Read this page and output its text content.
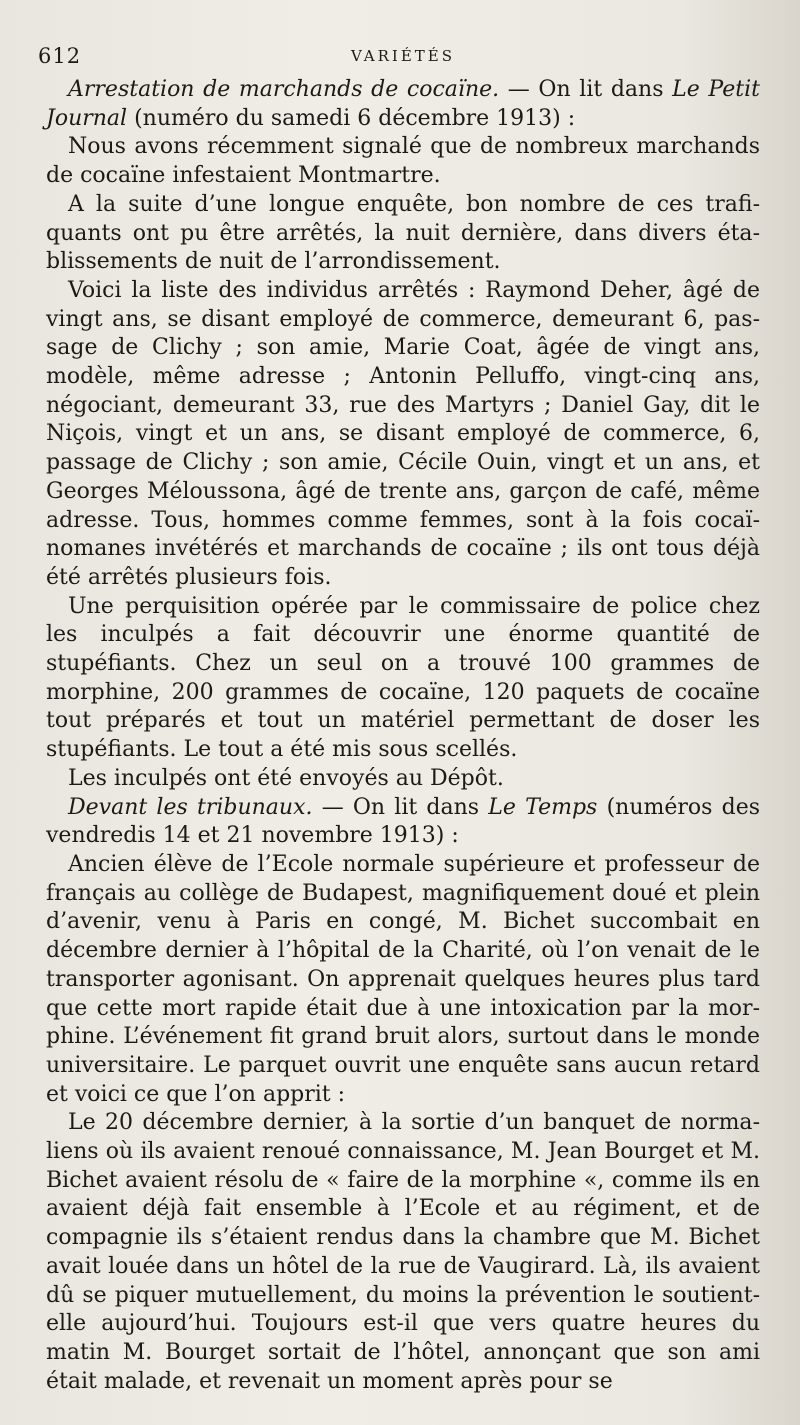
612	VARIÉTÉS

Arrestation de marchands de cocaïne. — On lit dans Le Petit Journal (numéro du samedi 6 décembre 1913) :

Nous avons récemment signalé que de nombreux marchands de cocaïne infestaient Montmartre.

A la suite d’une longue enquête, bon nombre de ces trafiquants ont pu être arrêtés, la nuit dernière, dans divers établissements de nuit de l’arrondissement.

Voici la liste des individus arrêtés : Raymond Deher, âgé de vingt ans, se disant employé de commerce, demeurant 6, passage de Clichy ; son amie, Marie Coat, âgée de vingt ans, modèle, même adresse ; Antonin Pelluffo, vingt-cinq ans, négociant, demeurant 33, rue des Martyrs ; Daniel Gay, dit le Niçois, vingt et un ans, se disant employé de commerce, 6, passage de Clichy ; son amie, Cécile Ouin, vingt et un ans, et Georges Méloussona, âgé de trente ans, garçon de café, même adresse. Tous, hommes comme femmes, sont à la fois cocaïnomanes invétérés et marchands de cocaïne ; ils ont tous déjà été arrêtés plusieurs fois.

Une perquisition opérée par le commissaire de police chez les inculpés a fait découvrir une énorme quantité de stupéfiants. Chez un seul on a trouvé 100 grammes de morphine, 200 grammes de cocaïne, 120 paquets de cocaïne tout préparés et tout un matériel permettant de doser les stupéfiants. Le tout a été mis sous scellés.

Les inculpés ont été envoyés au Dépôt.

Devant les tribunaux. — On lit dans Le Temps (numéros des vendredis 14 et 21 novembre 1913) :

Ancien élève de l’Ecole normale supérieure et professeur de français au collège de Budapest, magnifiquement doué et plein d’avenir, venu à Paris en congé, M. Bichet succombait en décembre dernier à l’hôpital de la Charité, où l’on venait de le transporter agonisant. On apprenait quelques heures plus tard que cette mort rapide était due à une intoxication par la morphine. L’événement fit grand bruit alors, surtout dans le monde universitaire. Le parquet ouvrit une enquête sans aucun retard et voici ce que l’on apprit :

Le 20 décembre dernier, à la sortie d’un banquet de normaliens où ils avaient renoué connaissance, M. Jean Bourget et M. Bichet avaient résolu de « faire de la morphine «, comme ils en avaient déjà fait ensemble à l’Ecole et au régiment, et de compagnie ils s’étaient rendus dans la chambre que M. Bichet avait louée dans un hôtel de la rue de Vaugirard. Là, ils avaient dû se piquer mutuellement, du moins la prévention le soutient-elle aujourd’hui. Toujours est-il que vers quatre heures du matin M. Bourget sortait de l’hôtel, annonçant que son ami était malade, et revenait un moment après pour se
